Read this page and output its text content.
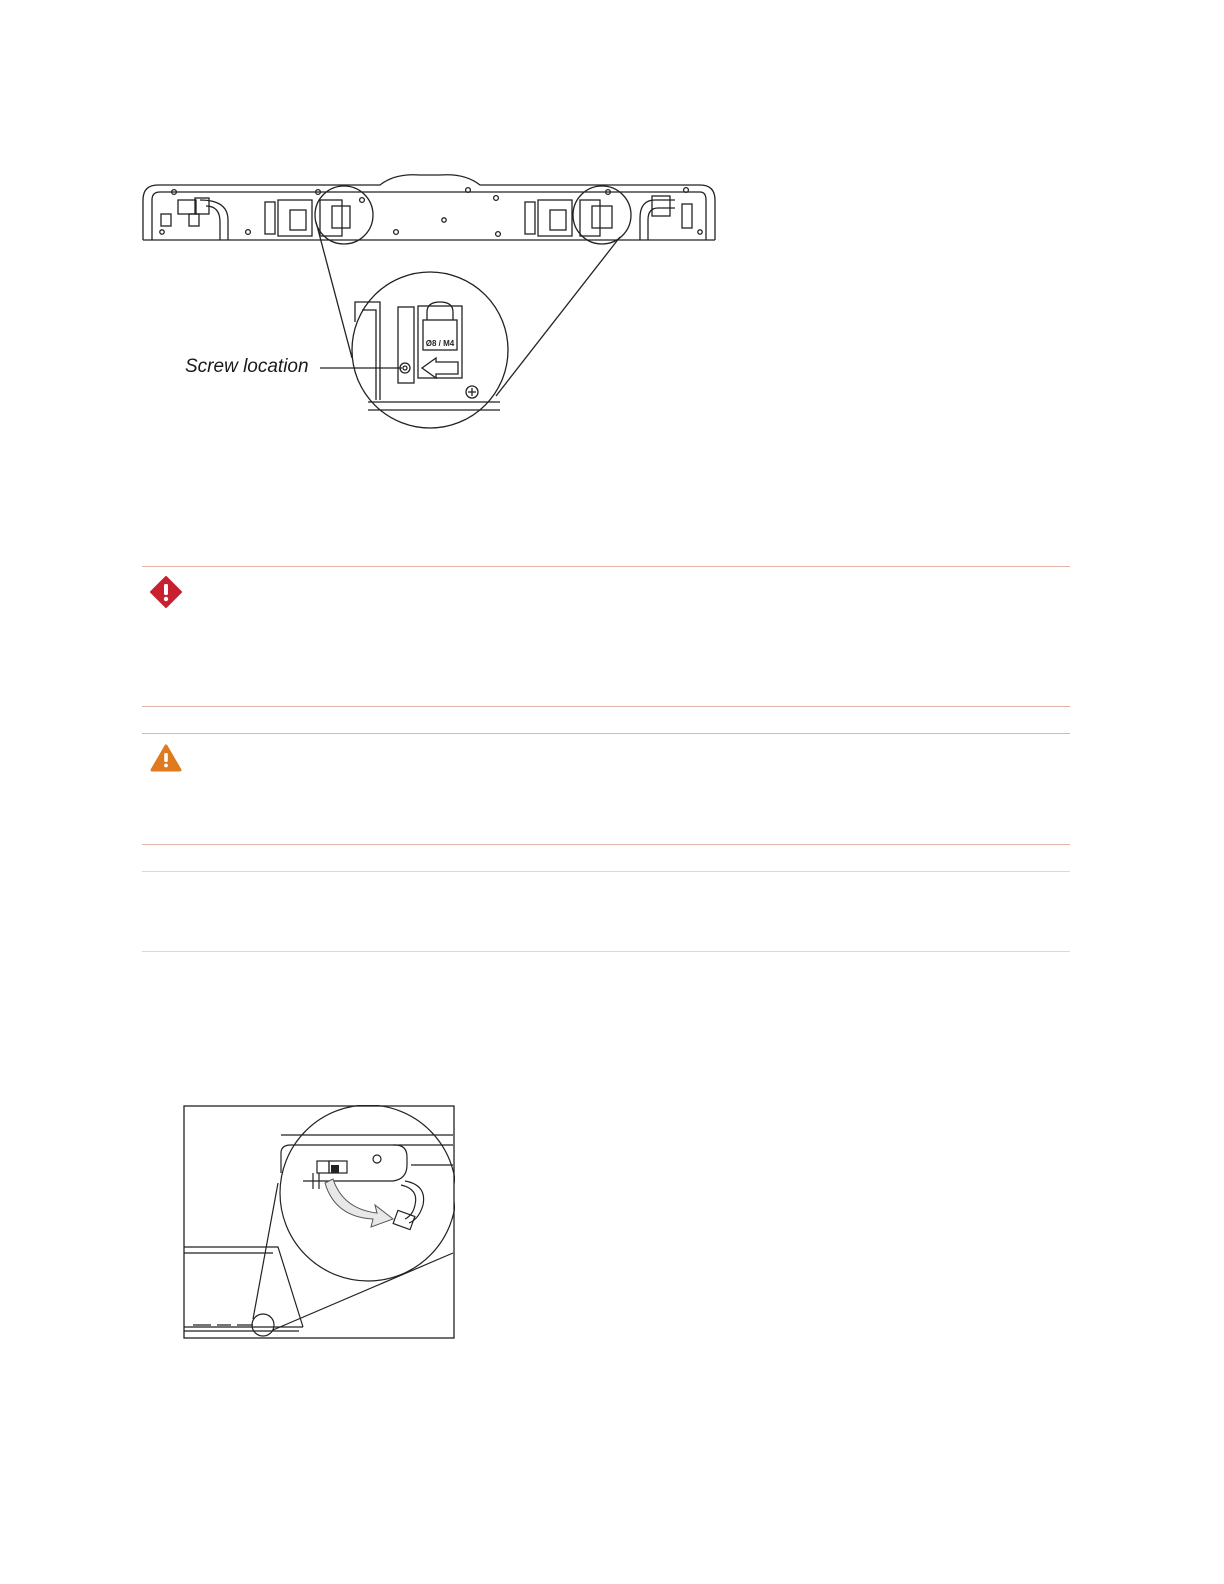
Ø8 / M4
Screw location
